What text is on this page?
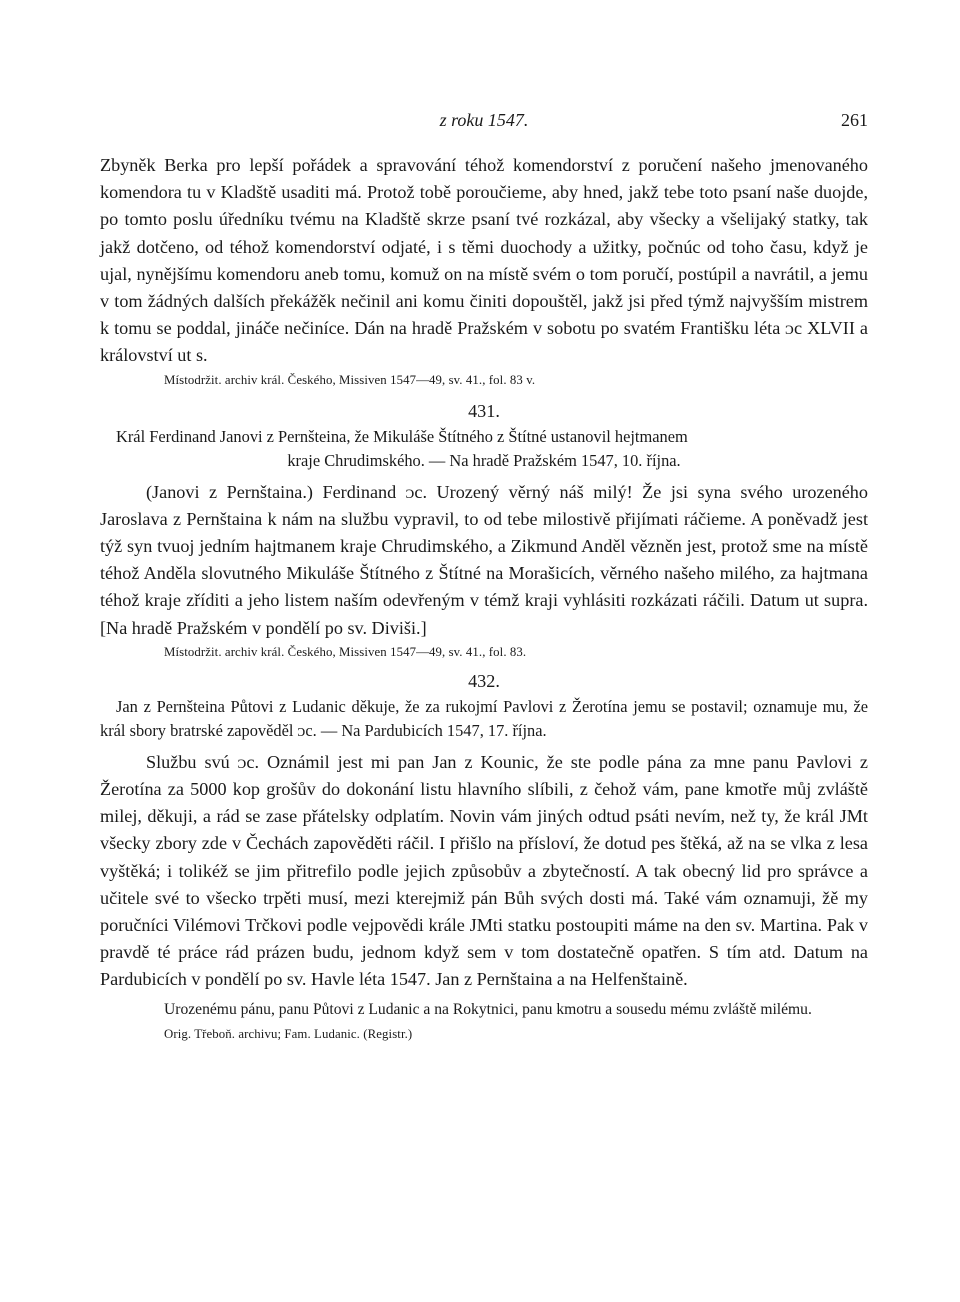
z roku 1547.	261

Zbyněk Berka pro lepší pořádek a spravování téhož komendorství z poručení našeho jmenovaného komendora tu v Kladště usaditi má. Protož tobě poroučieme, aby hned, jakž tebe toto psaní naše duojde, po tomto poslu úředníku tvému na Kladště skrze psaní tvé rozkázal, aby všecky a všelijaký statky, tak jakž dotčeno, od téhož komendorství odjaté, i s těmi duochody a užitky, počnúc od toho času, když je ujal, nynějšímu komendoru aneb tomu, komuž on na místě svém o tom poručí, postúpil a navrátil, a jemu v tom žádných dalších překážěk nečinil ani komu činiti dopouštěl, jakž jsi před týmž najvyšším mistrem k tomu se poddal, jináče nečiníce. Dán na hradě Pražském v sobotu po svatém Františku léta ᴐc XLVII a království ut s.

Místodržit. archiv král. Českého, Missiven 1547—49, sv. 41., fol. 83 v.

431.

Král Ferdinand Janovi z Pernšteina, že Mikuláše Štítného z Štítné ustanovil hejtmanem
kraje Chrudimského. — Na hradě Pražském 1547, 10. října.

(Janovi z Pernštaina.) Ferdinand ᴐc. Urozený věrný náš milý! Že jsi syna svého urozeného Jaroslava z Pernštaina k nám na službu vypravil, to od tebe milostivě přijímati ráčieme. A poněvadž jest týž syn tvuoj jedním hajtmanem kraje Chrudimského, a Zikmund Anděl vězněn jest, protož sme na místě téhož Anděla slovutného Mikuláše Štítného z Štítné na Morašicích, věrného našeho milého, za hajtmana téhož kraje zříditi a jeho listem naším odevřeným v témž kraji vyhlásiti rozkázati ráčili. Datum ut supra. [Na hradě Pražském v pondělí po sv. Diviši.]

Místodržit. archiv král. Českého, Missiven 1547—49, sv. 41., fol. 83.

432.

Jan z Pernšteina Půtovi z Ludanic děkuje, že za rukojmí Pavlovi z Žerotína jemu se postavil; oznamuje mu, že král sbory bratrské zapověděl ᴐc. — Na Pardubicích 1547, 17. října.

Službu svú ᴐc. Oznámil jest mi pan Jan z Kounic, že ste podle pána za mne panu Pavlovi z Žerotína za 5000 kop grošův do dokonání listu hlavního slíbili, z čehož vám, pane kmotře můj zvláště milej, děkuji, a rád se zase přátelsky odplatím. Novin vám jiných odtud psáti nevím, než ty, že král JMt všecky zbory zde v Čechách zapověděti ráčil. I přišlo na přísloví, že dotud pes štěká, až na se vlka z lesa vyštěká; i tolikéž se jim přitrefilo podle jejich způsobův a zbytečností. A tak obecný lid pro správce a učitele své to všecko trpěti musí, mezi kterejmiž pán Bůh svých dosti má. Také vám oznamuji, žě my poručníci Vilémovi Trčkovi podle vejpovědi krále JMti statku postoupiti máme na den sv. Martina. Pak v pravdě té práce rád prázen budu, jednom když sem v tom dostatečně opatřen. S tím atd. Datum na Pardubicích v pondělí po sv. Havle léta 1547. Jan z Pernštaina a na Helfenštaině.

Urozenému pánu, panu Půtovi z Ludanic a na Rokytnici, panu kmotru a sousedu mému zvláště milému.

Orig. Třeboň. archivu; Fam. Ludanic. (Registr.)
